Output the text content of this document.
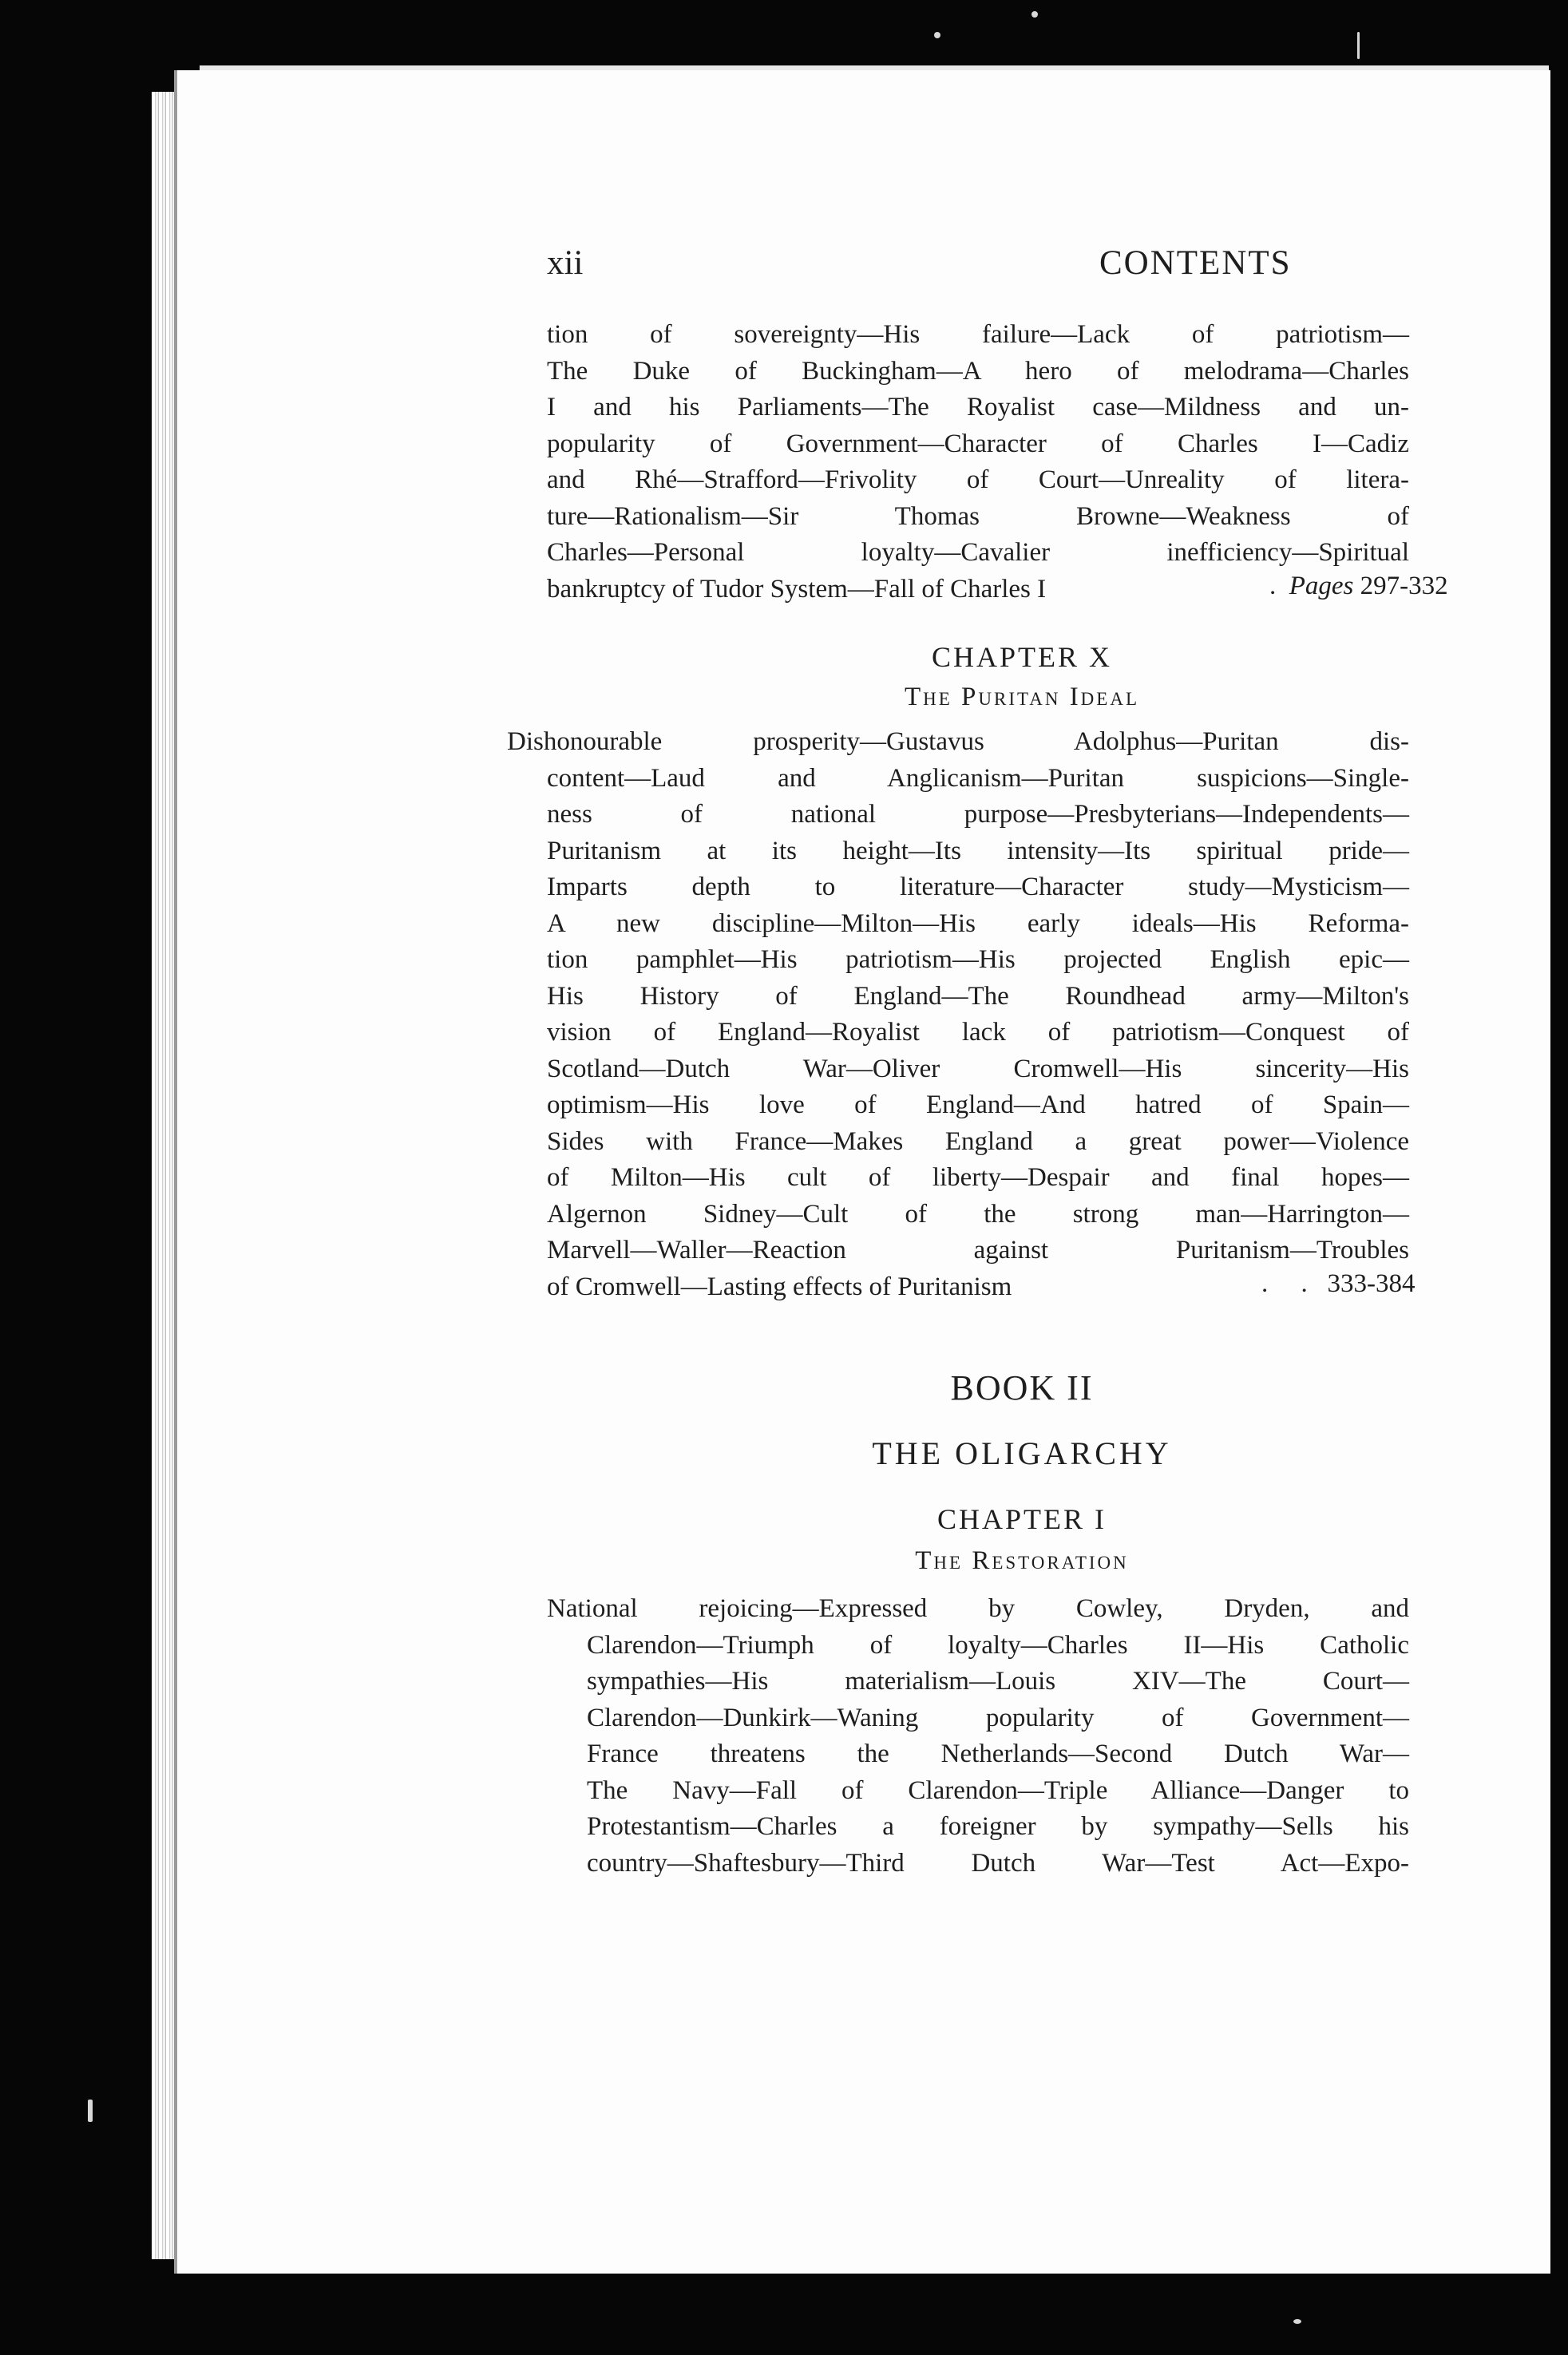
xii	CONTENTS
tion of sovereignty—His failure—Lack of patriotism—
The Duke of Buckingham—A hero of melodrama—Charles
I and his Parliaments—The Royalist case—Mildness and un-
popularity of Government—Character of Charles I—Cadiz
and Rhé—Strafford—Frivolity of Court—Unreality of litera-
ture—Rationalism—Sir Thomas Browne—Weakness of
Charles—Personal loyalty—Cavalier inefficiency—Spiritual
bankruptcy of Tudor System—Fall of Charles I	.  Pages 297-332
CHAPTER X
The Puritan Ideal
Dishonourable prosperity—Gustavus Adolphus—Puritan dis-
content—Laud and Anglicanism—Puritan suspicions—Single-
ness of national purpose—Presbyterians—Independents—
Puritanism at its height—Its intensity—Its spiritual pride—
Imparts depth to literature—Character study—Mysticism—
A new discipline—Milton—His early ideals—His Reforma-
tion pamphlet—His patriotism—His projected English epic—
His History of England—The Roundhead army—Milton's
vision of England—Royalist lack of patriotism—Conquest of
Scotland—Dutch War—Oliver Cromwell—His sincerity—His
optimism—His love of England—And hatred of Spain—
Sides with France—Makes England a great power—Violence
of Milton—His cult of liberty—Despair and final hopes—
Algernon Sidney—Cult of the strong man—Harrington—
Marvell—Waller—Reaction against Puritanism—Troubles
of Cromwell—Lasting effects of Puritanism	.     .   333-384
BOOK II
THE OLIGARCHY
CHAPTER I
The Restoration
National rejoicing—Expressed by Cowley, Dryden, and
Clarendon—Triumph of loyalty—Charles II—His Catholic
sympathies—His materialism—Louis XIV—The Court—
Clarendon—Dunkirk—Waning popularity of Government—
France threatens the Netherlands—Second Dutch War—
The Navy—Fall of Clarendon—Triple Alliance—Danger to
Protestantism—Charles a foreigner by sympathy—Sells his
country—Shaftesbury—Third Dutch War—Test Act—Expo-
